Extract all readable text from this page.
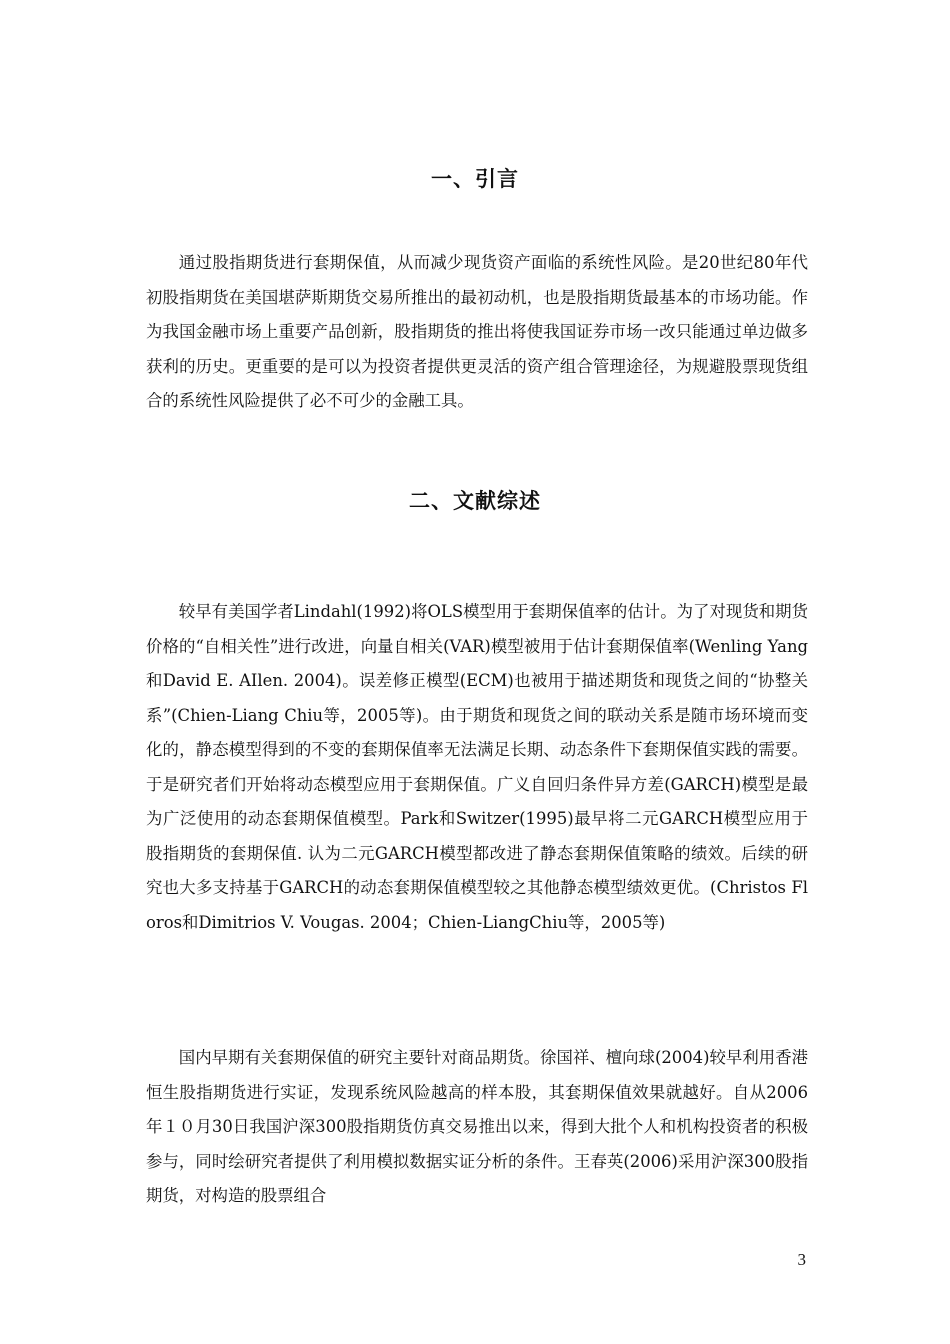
一、引言

通过股指期货进行套期保值，从而减少现货资产面临的系统性风险。是20世纪80年代初股指期货在美国堪萨斯期货交易所推出的最初动机，也是股指期货最基本的市场功能。作为我国金融市场上重要产品创新，股指期货的推出将使我国证券市场一改只能通过单边做多获利的历史。更重要的是可以为投资者提供更灵活的资产组合管理途径，为规避股票现货组合的系统性风险提供了必不可少的金融工具。

二、文献综述

较早有美国学者Lindahl(1992)将OLS模型用于套期保值率的估计。为了对现货和期货价格的“自相关性”进行改进，向量自相关(VAR)模型被用于估计套期保值率(Wenling Yang和David E. AIlen. 2004)。误差修正模型(ECM)也被用于描述期货和现货之间的“协整关系”(Chien-Liang Chiu等，2005等)。由于期货和现货之间的联动关系是随市场环境而变化的，静态模型得到的不变的套期保值率无法满足长期、动态条件下套期保值实践的需要。于是研究者们开始将动态模型应用于套期保值。广义自回归条件异方差(GARCH)模型是最为广泛使用的动态套期保值模型。Park和Switzer(1995)最早将二元GARCH模型应用于股指期货的套期保值. 认为二元GARCH模型都改进了静态套期保值策略的绩效。后续的研究也大多支持基于GARCH的动态套期保值模型较之其他静态模型绩效更优。(Christos Floros和Dimitrios V. Vougas. 2004；Chien-LiangChiu等，2005等)

国内早期有关套期保值的研究主要针对商品期货。徐国祥、檀向球(2004)较早利用香港恒生股指期货进行实证，发现系统风险越高的样本股，其套期保值效果就越好。自从2006年１０月30日我国沪深300股指期货仿真交易推出以来，得到大批个人和机构投资者的积极参与，同时绘研究者提供了利用模拟数据实证分析的条件。王春英(2006)采用沪深300股指期货，对构造的股票组合

3
